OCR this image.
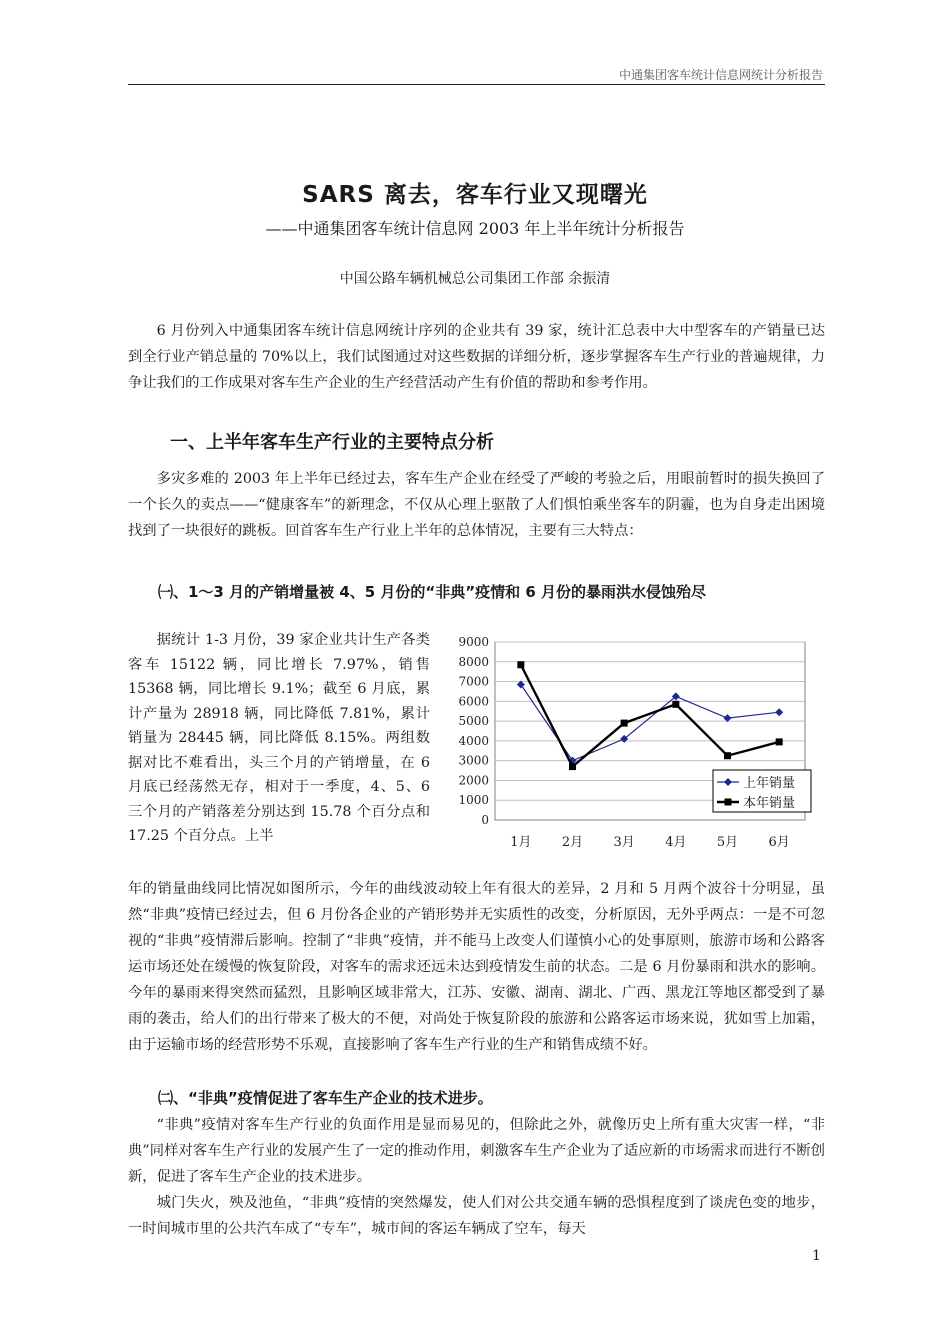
中通集团客车统计信息网统计分析报告
SARS 离去，客车行业又现曙光
——中通集团客车统计信息网 2003 年上半年统计分析报告
中国公路车辆机械总公司集团工作部 余振清

6 月份列入中通集团客车统计信息网统计序列的企业共有 39 家，统计汇总表中大中型客车的产销量已达到全行业产销总量的 70%以上，我们试图通过对这些数据的详细分析，逐步掌握客车生产行业的普遍规律，力争让我们的工作成果对客车生产企业的生产经营活动产生有价值的帮助和参考作用。

一、上半年客车生产行业的主要特点分析

多灾多难的 2003 年上半年已经过去，客车生产企业在经受了严峻的考验之后，用眼前暂时的损失换回了一个长久的卖点——“健康客车”的新理念，不仅从心理上驱散了人们惧怕乘坐客车的阴霾，也为自身走出困境找到了一块很好的跳板。回首客车生产行业上半年的总体情况，主要有三大特点：

㈠、1～3 月的产销增量被 4、5 月份的“非典”疫情和 6 月份的暴雨洪水侵蚀殆尽

据统计 1-3 月份，39 家企业共计生产各类客车 15122 辆，同比增长 7.97%，销售 15368 辆，同比增长 9.1%；截至 6 月底，累计产量为 28918 辆，同比降低 7.81%，累计销量为 28445 辆，同比降低 8.15%。两组数据对比不难看出，头三个月的产销增量，在 6 月底已经荡然无存，相对于一季度，4、5、6 三个月的产销落差分别达到 15.78 个百分点和 17.25 个百分点。上半

0
1000
2000
3000
4000
5000
6000
7000
8000
9000
1月 2月 3月 4月 5月 6月
上年销量
本年销量

年的销量曲线同比情况如图所示，今年的曲线波动较上年有很大的差异，2 月和 5 月两个波谷十分明显，虽然“非典”疫情已经过去，但 6 月份各企业的产销形势并无实质性的改变，分析原因，无外乎两点：一是不可忽视的“非典”疫情滞后影响。控制了“非典”疫情，并不能马上改变人们谨慎小心的处事原则，旅游市场和公路客运市场还处在缓慢的恢复阶段，对客车的需求还远未达到疫情发生前的状态。二是 6 月份暴雨和洪水的影响。今年的暴雨来得突然而猛烈，且影响区域非常大，江苏、安徽、湖南、湖北、广西、黑龙江等地区都受到了暴雨的袭击，给人们的出行带来了极大的不便，对尚处于恢复阶段的旅游和公路客运市场来说，犹如雪上加霜，由于运输市场的经营形势不乐观，直接影响了客车生产行业的生产和销售成绩不好。

㈡、“非典”疫情促进了客车生产企业的技术进步。

“非典”疫情对客车生产行业的负面作用是显而易见的，但除此之外，就像历史上所有重大灾害一样，“非典”同样对客车生产行业的发展产生了一定的推动作用，刺激客车生产企业为了适应新的市场需求而进行不断创新，促进了客车生产企业的技术进步。

城门失火，殃及池鱼，“非典”疫情的突然爆发，使人们对公共交通车辆的恐惧程度到了谈虎色变的地步，一时间城市里的公共汽车成了“专车”，城市间的客运车辆成了空车，每天

1
